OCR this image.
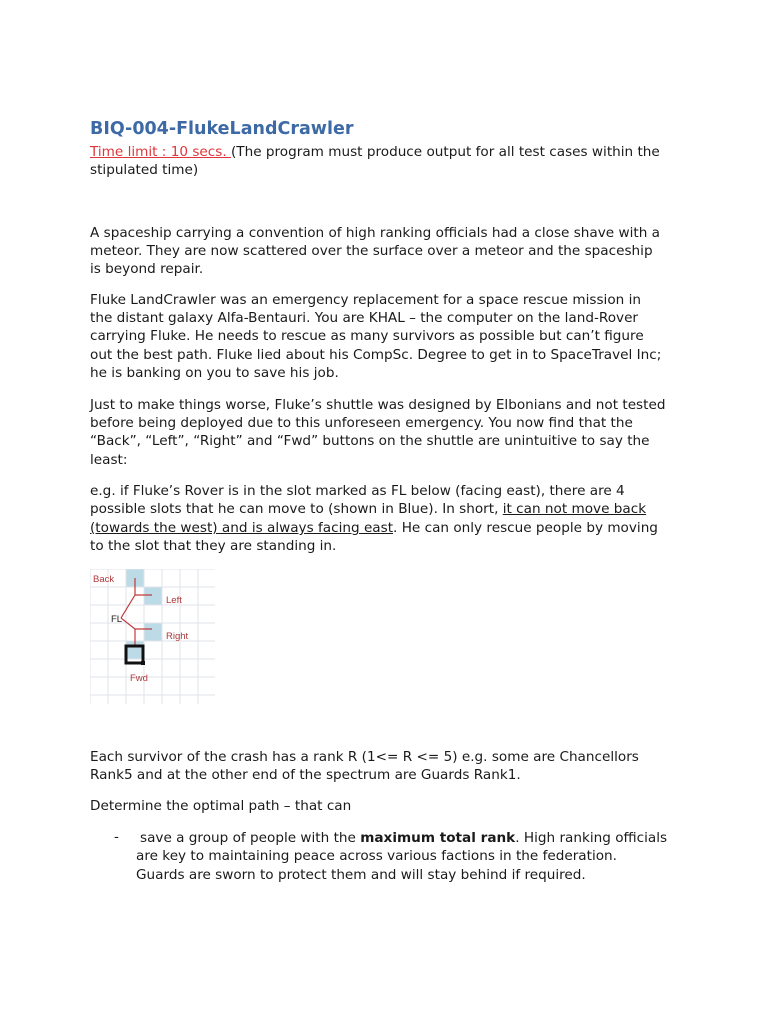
BIQ-004-FlukeLandCrawler
Time limit : 10 secs. (The program must produce output for all test cases within the
stipulated time)
A spaceship carrying a convention of high ranking officials had a close shave with a
meteor. They are now scattered over the surface over a meteor and the spaceship
is beyond repair.
Fluke LandCrawler was an emergency replacement for a space rescue mission in
the distant galaxy Alfa-Bentauri. You are KHAL – the computer on the land-Rover
carrying Fluke. He needs to rescue as many survivors as possible but can’t figure
out the best path. Fluke lied about his CompSc. Degree to get in to SpaceTravel Inc;
he is banking on you to save his job.
Just to make things worse, Fluke’s shuttle was designed by Elbonians and not tested
before being deployed due to this unforeseen emergency. You now find that the
“Back”, “Left”, “Right” and “Fwd” buttons on the shuttle are unintuitive to say the
least:
e.g. if Fluke’s Rover is in the slot marked as FL below (facing east), there are 4
possible slots that he can move to (shown in Blue). In short, it can not move back
(towards the west) and is always facing east. He can only rescue people by moving
to the slot that they are standing in.
Back
Left
FL
Right
Fwd
Each survivor of the crash has a rank R (1<= R <= 5) e.g. some are Chancellors
Rank5 and at the other end of the spectrum are Guards Rank1.
Determine the optimal path – that can
- save a group of people with the maximum total rank. High ranking officials
are key to maintaining peace across various factions in the federation.
Guards are sworn to protect them and will stay behind if required.
